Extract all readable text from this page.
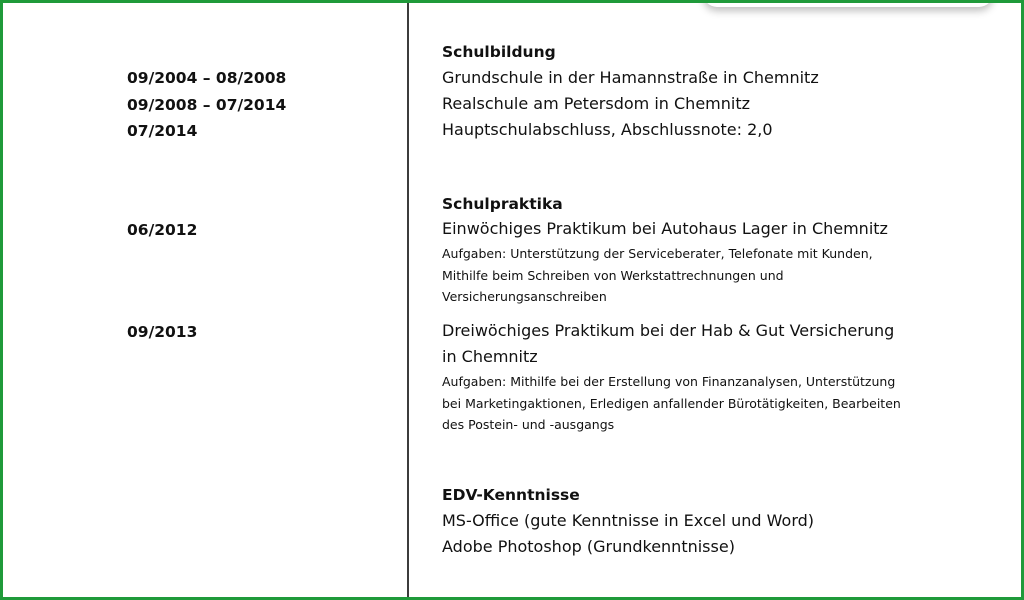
Schulbildung
09/2004 – 08/2008	Grundschule in der Hamannstraße in Chemnitz
09/2008 – 07/2014	Realschule am Petersdom in Chemnitz
07/2014	Hauptschulabschluss, Abschlussnote: 2,0
Schulpraktika
06/2012	Einwöchiges Praktikum bei Autohaus Lager in Chemnitz
Aufgaben: Unterstützung der Serviceberater, Telefonate mit Kunden, Mithilfe beim Schreiben von Werkstattrechnungen und Versicherungsanschreiben
09/2013	Dreiwöchiges Praktikum bei der Hab & Gut Versicherung in Chemnitz
Aufgaben: Mithilfe bei der Erstellung von Finanzanalysen, Unterstützung bei Marketingaktionen, Erledigen anfallender Bürotätigkeiten, Bearbeiten des Postein- und -ausgangs
EDV-Kenntnisse
MS-Office (gute Kenntnisse in Excel und Word)
Adobe Photoshop (Grundkenntnisse)
